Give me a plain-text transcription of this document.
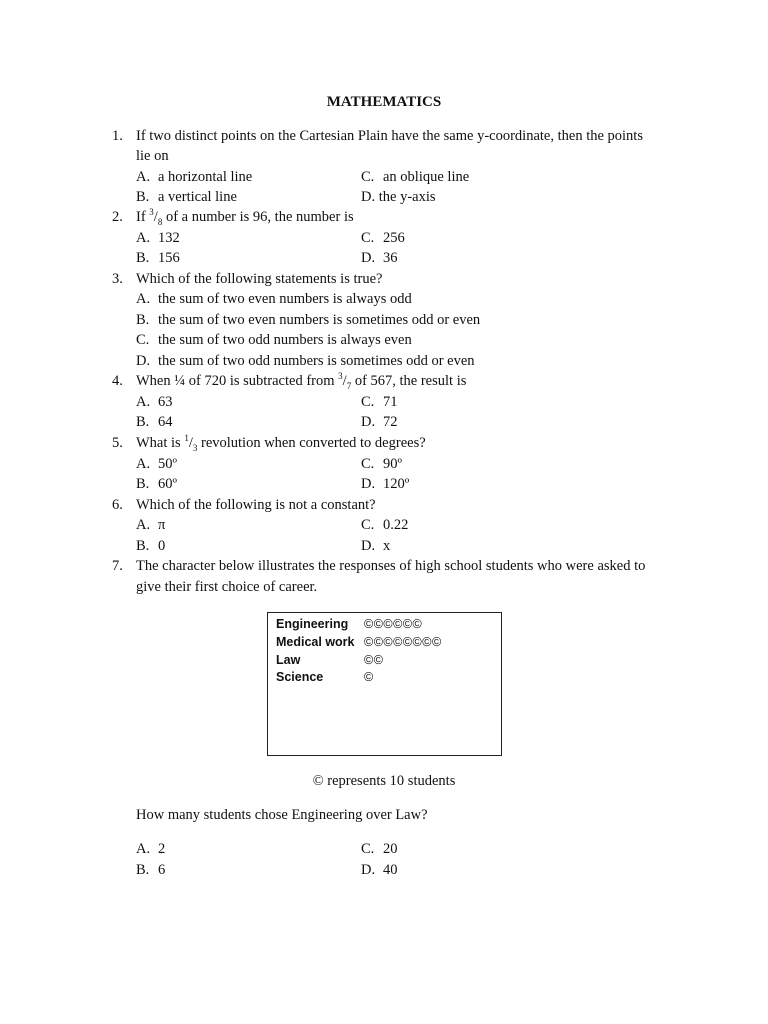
MATHEMATICS
1. If two distinct points on the Cartesian Plain have the same y-coordinate, then the points
lie on
A. a horizontal line	C. an oblique line
B. a vertical line	D. the y-axis
2. If $^3/_8$ of a number is 96, the number is
A. 132	C. 256
B. 156	D. 36
3. Which of the following statements is true?
A. the sum of two even numbers is always odd
B. the sum of two even numbers is sometimes odd or even
C. the sum of two odd numbers is always even
D. the sum of two odd numbers is sometimes odd or even
4. When ¼ of 720 is subtracted from $^3/_7$ of 567, the result is
A. 63	C. 71
B. 64	D. 72
5. What is $^1/_3$ revolution when converted to degrees?
A. 50º	C. 90º
B. 60º	D. 120º
6. Which of the following is not a constant?
A. π	C. 0.22
B. 0	D. x
7. The character below illustrates the responses of high school students who were asked to
give their first choice of career.
Engineering ©©©©©©
Medical work ©©©©©©©©
Law	©©
Science	©
© represents 10 students
How many students chose Engineering over Law?
A. 2	C. 20
B. 6	D. 40
